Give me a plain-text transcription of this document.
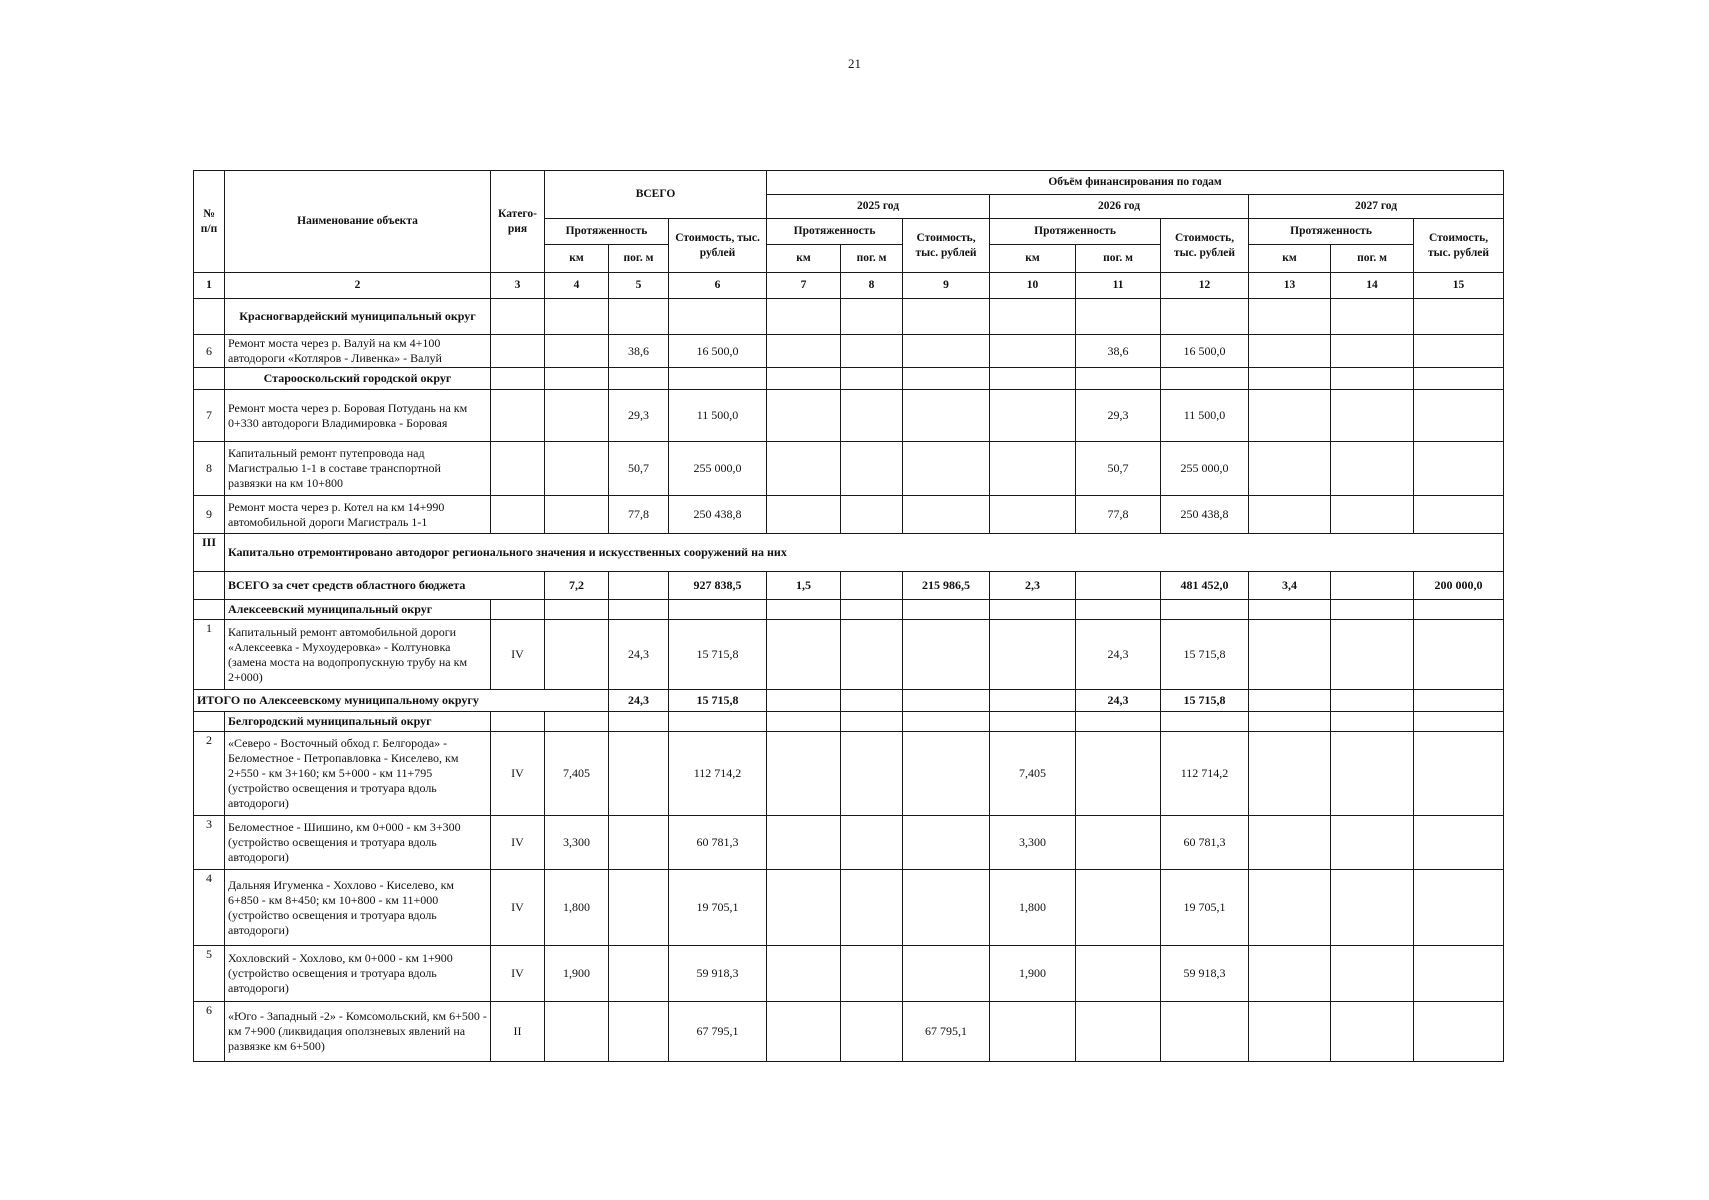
21
№ п/п	Наименование объекта	Катего-рия	ВСЕГО			Объём финансирования по годам								
						2025 год			2026 год			2027 год		
			Протяженность		Стоимость, тыс. рублей	Протяженность		Стоимость, тыс. рублей	Протяженность		Стоимость, тыс. рублей	Протяженность		Стоимость, тыс. рублей
			км	пог. м		км	пог. м		км	пог. м		км	пог. м	
1	2	3	4	5	6	7	8	9	10	11	12	13	14	15
	Красногвардейский муниципальный округ													
6	Ремонт моста через р. Валуй на км 4+100 автодороги «Котляров - Ливенка» - Валуй			38,6	16 500,0					38,6	16 500,0			
	Старооскольский городской округ													
7	Ремонт моста через р. Боровая Потудань на км 0+330 автодороги Владимировка - Боровая			29,3	11 500,0					29,3	11 500,0			
8	Капитальный ремонт путепровода над Магистралью 1-1 в составе транспортной развязки на км 10+800			50,7	255 000,0					50,7	255 000,0			
9	Ремонт моста через р. Котел на км 14+990 автомобильной дороги Магистраль 1-1			77,8	250 438,8					77,8	250 438,8			
III	Капитально отремонтировано автодорог регионального значения и искусственных сооружений на них													
	ВСЕГО за счет средств областного бюджета		7,2		927 838,5	1,5		215 986,5	2,3		481 452,0	3,4		200 000,0
	Алексеевский муниципальный округ													
1	Капитальный ремонт автомобильной дороги «Алексеевка - Мухоудеровка» - Колтуновка (замена моста на водопропускную трубу на км 2+000)	IV		24,3	15 715,8					24,3	15 715,8			
ИТОГО по Алексеевскому муниципальному округу				24,3	15 715,8					24,3	15 715,8			
	Белгородский муниципальный округ													
2	«Северо - Восточный обход г. Белгорода» - Беломестное - Петропавловка - Киселево, км 2+550 - км 3+160; км 5+000 - км 11+795 (устройство освещения и тротуара вдоль автодороги)	IV	7,405		112 714,2				7,405		112 714,2			
3	Беломестное - Шишино, км 0+000 - км 3+300 (устройство освещения и тротуара вдоль автодороги)	IV	3,300		60 781,3				3,300		60 781,3			
4	Дальняя Игуменка - Хохлово - Киселево, км 6+850 - км 8+450; км 10+800 - км 11+000 (устройство освещения и тротуара вдоль автодороги)	IV	1,800		19 705,1				1,800		19 705,1			
5	Хохловский - Хохлово, км 0+000 - км 1+900 (устройство освещения и тротуара вдоль автодороги)	IV	1,900		59 918,3				1,900		59 918,3			
6	«Юго - Западный -2» - Комсомольский, км 6+500 - км 7+900 (ликвидация оползневых явлений на развязке км 6+500)	II			67 795,1			67 795,1						
